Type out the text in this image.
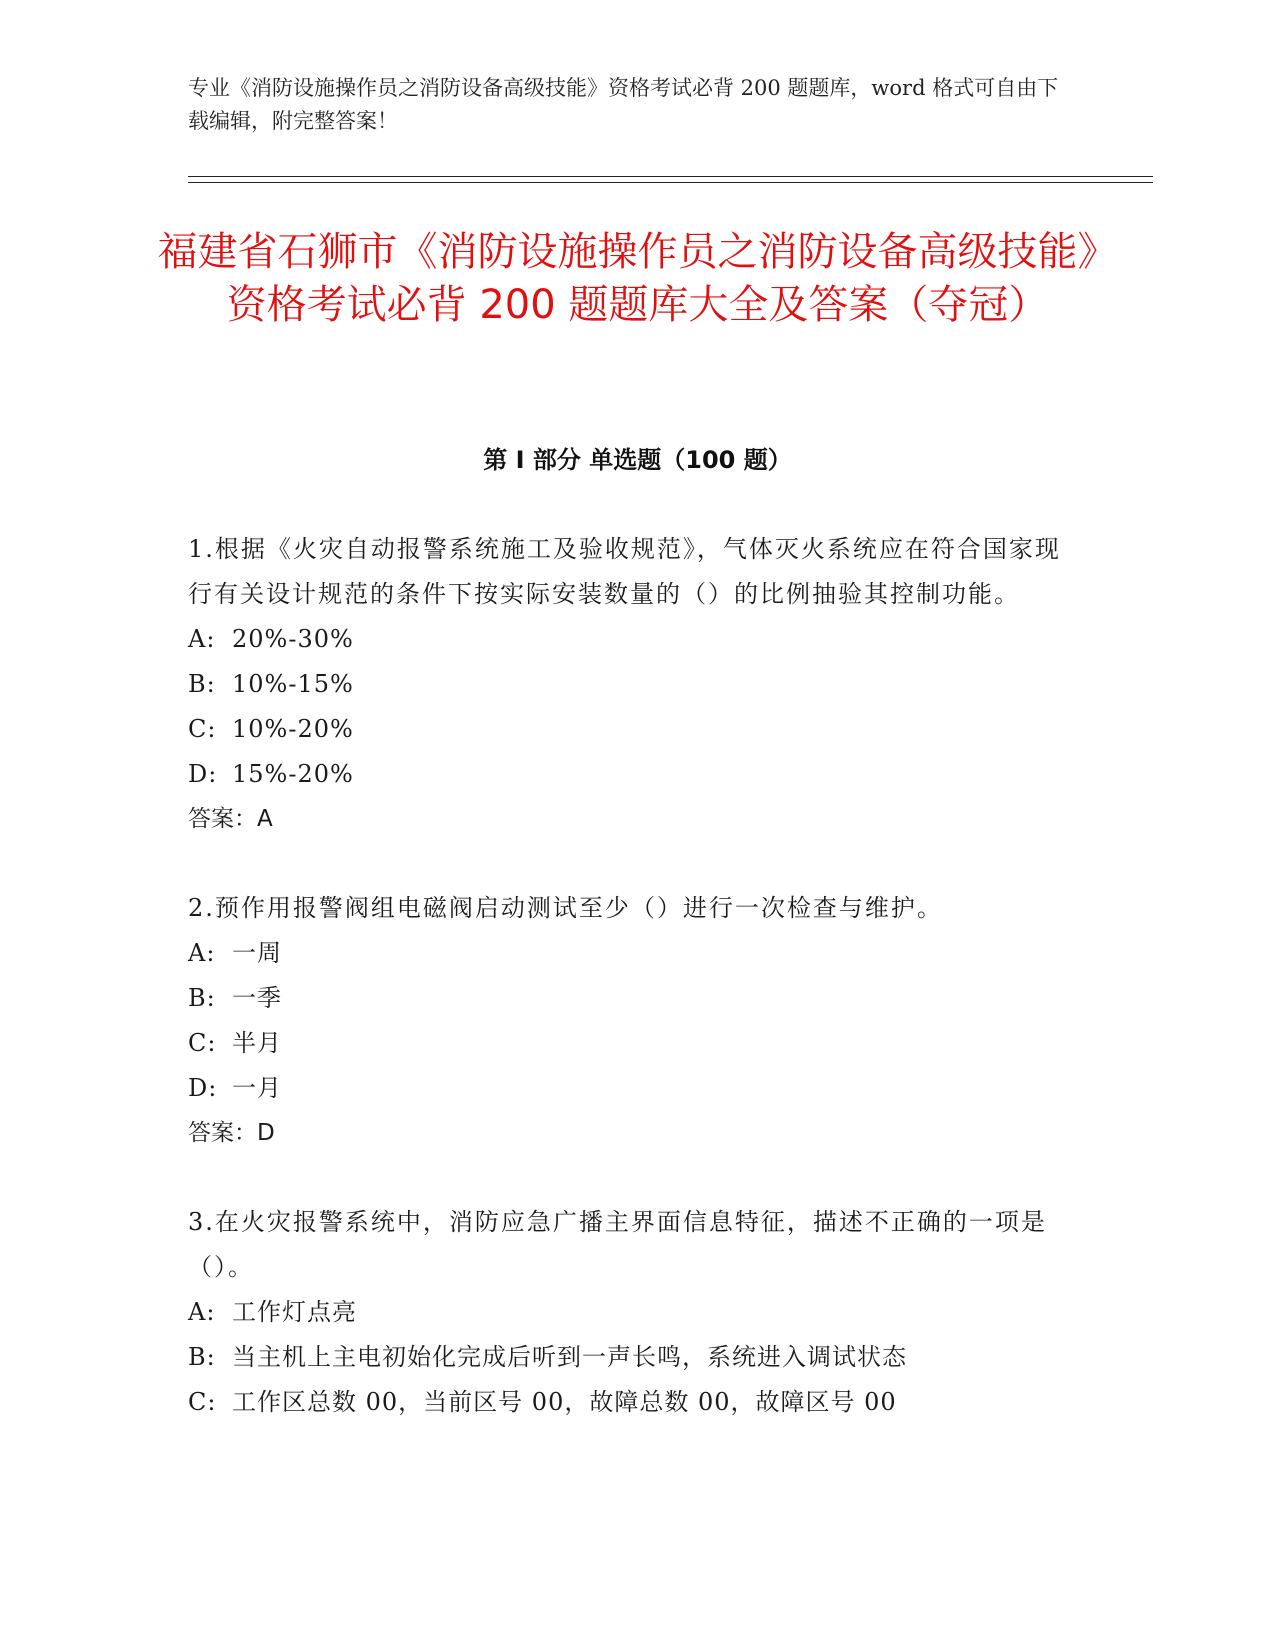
专业《消防设施操作员之消防设备高级技能》资格考试必背 200 题题库，word 格式可自由下载编辑，附完整答案！
福建省石狮市《消防设施操作员之消防设备高级技能》资格考试必背 200 题题库大全及答案（夺冠）
第 I 部分 单选题（100 题）
1.根据《火灾自动报警系统施工及验收规范》，气体灭火系统应在符合国家现行有关设计规范的条件下按实际安装数量的（）的比例抽验其控制功能。
A: 20%-30%
B: 10%-15%
C: 10%-20%
D: 15%-20%
答案：A
2.预作用报警阀组电磁阀启动测试至少（）进行一次检查与维护。
A: 一周
B: 一季
C: 半月
D: 一月
答案：D
3.在火灾报警系统中，消防应急广播主界面信息特征，描述不正确的一项是（）。
A: 工作灯点亮
B: 当主机上主电初始化完成后听到一声长鸣，系统进入调试状态
C: 工作区总数 00，当前区号 00，故障总数 00，故障区号 00
